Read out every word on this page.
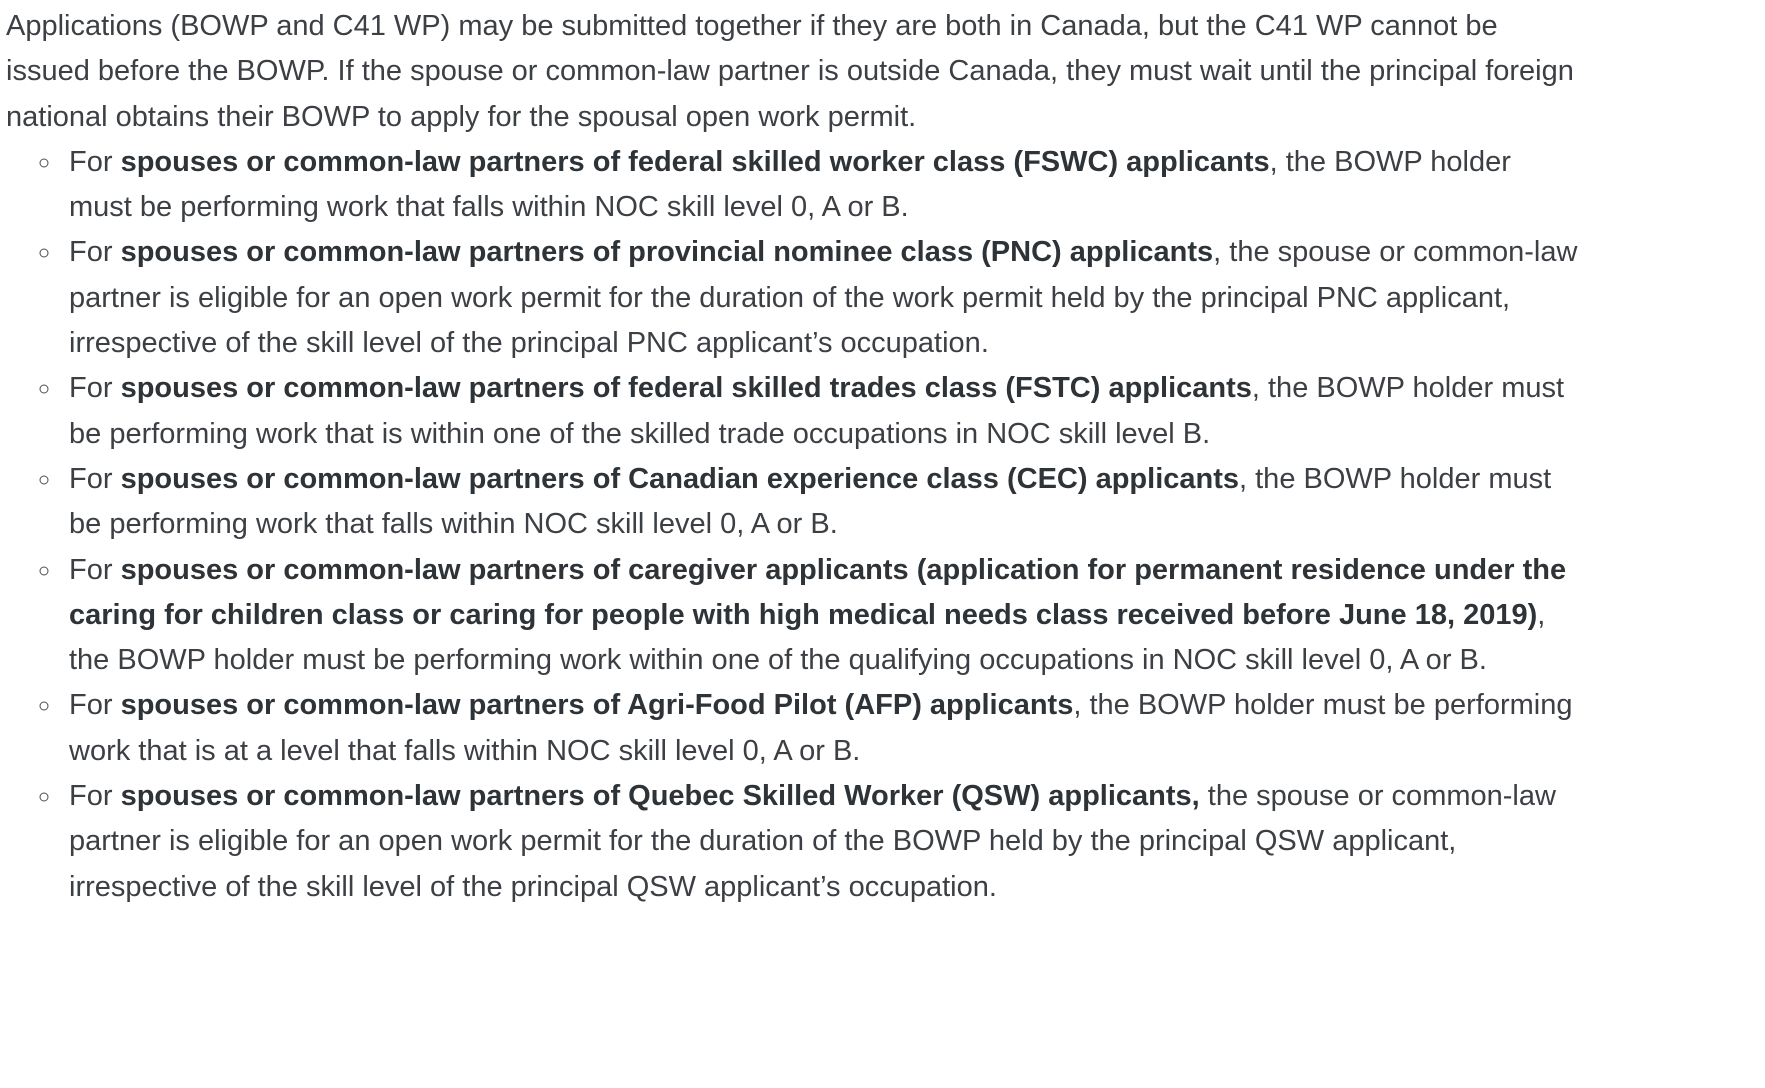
Applications (BOWP and C41 WP) may be submitted together if they are both in Canada, but the C41 WP cannot be issued before the BOWP. If the spouse or common-law partner is outside Canada, they must wait until the principal foreign national obtains their BOWP to apply for the spousal open work permit.

◦ For spouses or common-law partners of federal skilled worker class (FSWC) applicants, the BOWP holder must be performing work that falls within NOC skill level 0, A or B.
◦ For spouses or common-law partners of provincial nominee class (PNC) applicants, the spouse or common-law partner is eligible for an open work permit for the duration of the work permit held by the principal PNC applicant, irrespective of the skill level of the principal PNC applicant’s occupation.
◦ For spouses or common-law partners of federal skilled trades class (FSTC) applicants, the BOWP holder must be performing work that is within one of the skilled trade occupations in NOC skill level B.
◦ For spouses or common-law partners of Canadian experience class (CEC) applicants, the BOWP holder must be performing work that falls within NOC skill level 0, A or B.
◦ For spouses or common-law partners of caregiver applicants (application for permanent residence under the caring for children class or caring for people with high medical needs class received before June 18, 2019), the BOWP holder must be performing work within one of the qualifying occupations in NOC skill level 0, A or B.
◦ For spouses or common-law partners of Agri-Food Pilot (AFP) applicants, the BOWP holder must be performing work that is at a level that falls within NOC skill level 0, A or B.
◦ For spouses or common-law partners of Quebec Skilled Worker (QSW) applicants, the spouse or common-law partner is eligible for an open work permit for the duration of the BOWP held by the principal QSW applicant, irrespective of the skill level of the principal QSW applicant’s occupation.
